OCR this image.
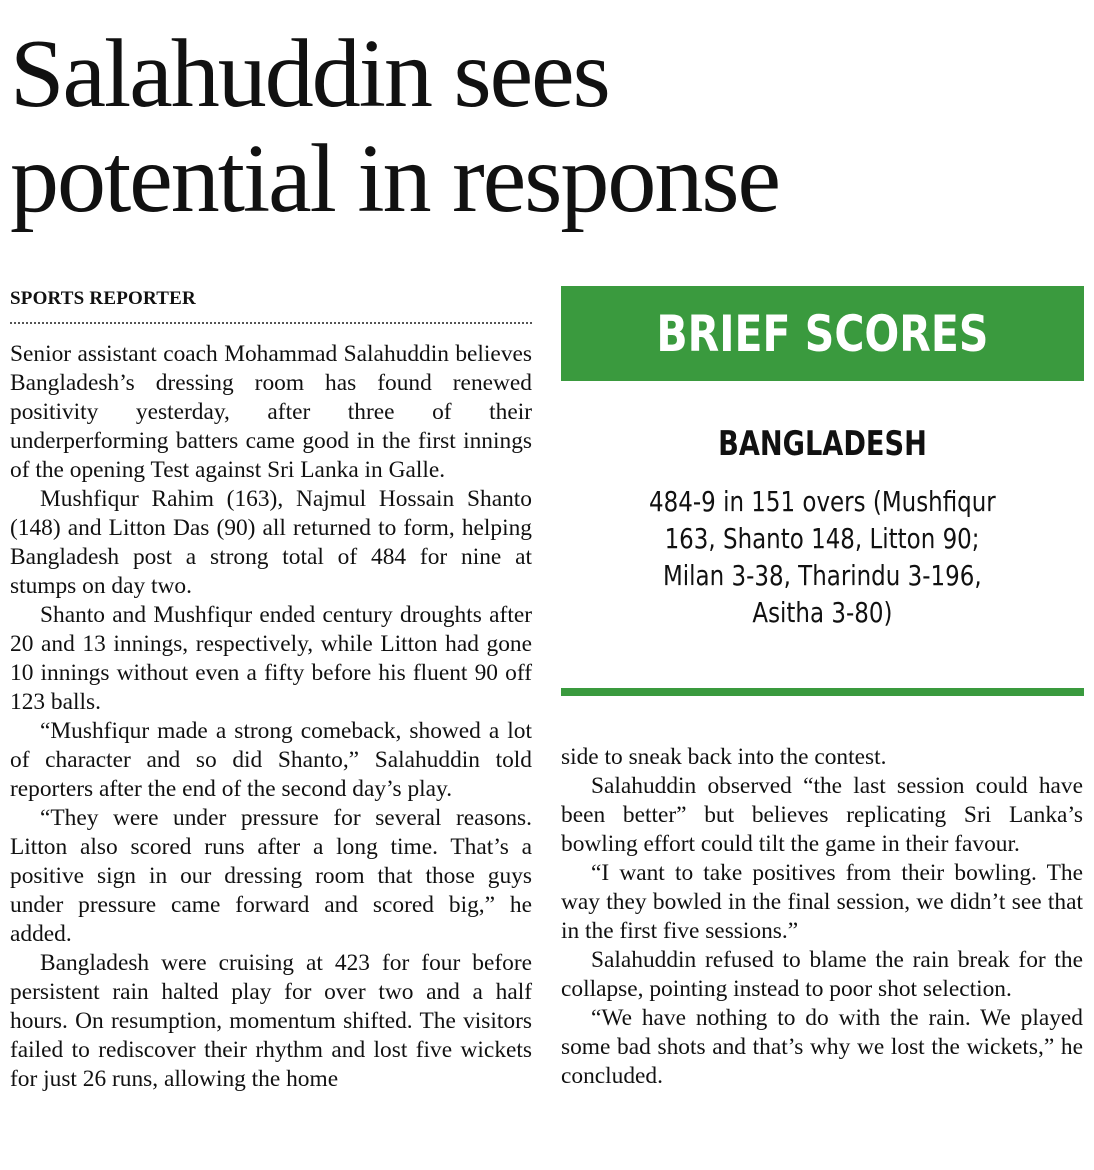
Salahuddin sees
potential in response
SPORTS REPORTER

Senior assistant coach Mohammad Salahuddin believes Bangladesh’s dressing room has found renewed positivity yesterday, after three of their underperforming batters came good in the first innings of the opening Test against Sri Lanka in Galle.

Mushfiqur Rahim (163), Najmul Hossain Shanto (148) and Litton Das (90) all returned to form, helping Bangladesh post a strong total of 484 for nine at stumps on day two.

Shanto and Mushfiqur ended century droughts after 20 and 13 innings, respectively, while Litton had gone 10 innings without even a fifty before his fluent 90 off 123 balls.

“Mushfiqur made a strong comeback, showed a lot of character and so did Shanto,” Salahuddin told reporters after the end of the second day’s play.

“They were under pressure for several reasons. Litton also scored runs after a long time. That’s a positive sign in our dressing room that those guys under pressure came forward and scored big,” he added.

Bangladesh were cruising at 423 for four before persistent rain halted play for over two and a half hours. On resumption, momentum shifted. The visitors failed to rediscover their rhythm and lost five wickets for just 26 runs, allowing the home

BRIEF SCORES
BANGLADESH
484-9 in 151 overs (Mushfiqur
163, Shanto 148, Litton 90;
Milan 3-38, Tharindu 3-196,
Asitha 3-80)

side to sneak back into the contest.

Salahuddin observed “the last session could have been better” but believes replicating Sri Lanka’s bowling effort could tilt the game in their favour.

“I want to take positives from their bowling. The way they bowled in the final session, we didn’t see that in the first five sessions.”

Salahuddin refused to blame the rain break for the collapse, pointing instead to poor shot selection.

“We have nothing to do with the rain. We played some bad shots and that’s why we lost the wickets,” he concluded.
